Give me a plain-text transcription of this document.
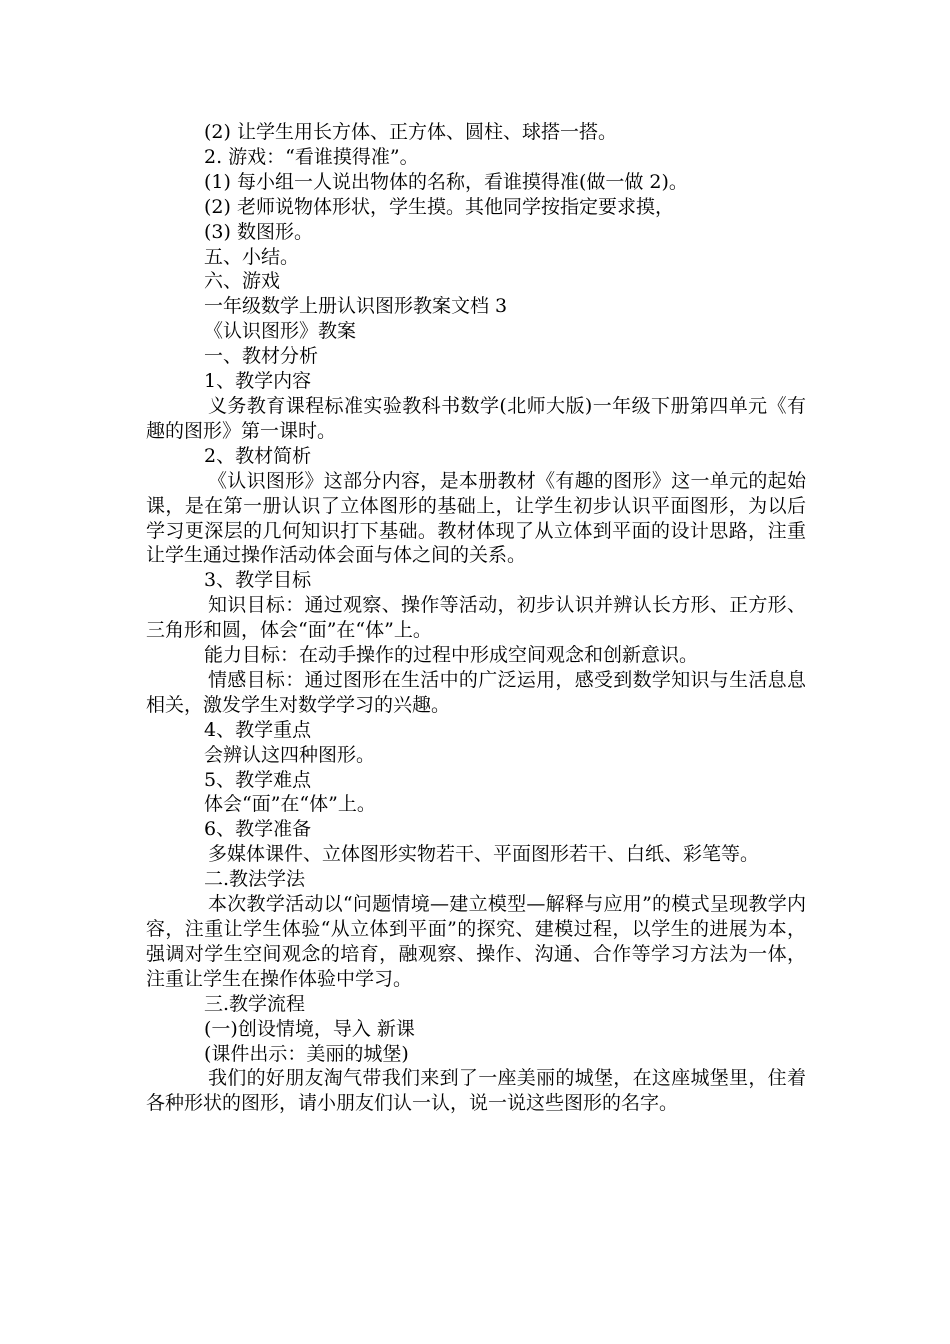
(2) 让学生用长方体、正方体、圆柱、球搭一搭。

2. 游戏：“看谁摸得准”。

(1) 每小组一人说出物体的名称，看谁摸得准(做一做 2)。

(2) 老师说物体形状，学生摸。其他同学按指定要求摸，

(3) 数图形。

五、小结。

六、游戏

一年级数学上册认识图形教案文档 3

《认识图形》教案

一、教材分析

1、教学内容

义务教育课程标准实验教科书数学(北师大版)一年级下册第四单元《有趣的图形》第一课时。

2、教材简析

《认识图形》这部分内容，是本册教材《有趣的图形》这一单元的起始课，是在第一册认识了立体图形的基础上，让学生初步认识平面图形，为以后学习更深层的几何知识打下基础。教材体现了从立体到平面的设计思路，注重让学生通过操作活动体会面与体之间的关系。

3、教学目标

知识目标：通过观察、操作等活动，初步认识并辨认长方形、正方形、三角形和圆，体会“面”在“体”上。

能力目标：在动手操作的过程中形成空间观念和创新意识。

情感目标：通过图形在生活中的广泛运用，感受到数学知识与生活息息相关，激发学生对数学学习的兴趣。

4、教学重点

会辨认这四种图形。

5、教学难点

体会“面”在“体”上。

6、教学准备

多媒体课件、立体图形实物若干、平面图形若干、白纸、彩笔等。

二.教法学法

本次教学活动以“问题情境—建立模型—解释与应用”的模式呈现教学内容，注重让学生体验“从立体到平面”的探究、建模过程，以学生的进展为本，强调对学生空间观念的培育，融观察、操作、沟通、合作等学习方法为一体，注重让学生在操作体验中学习。

三.教学流程

(一)创设情境，导入 新课

(课件出示：美丽的城堡)

我们的好朋友淘气带我们来到了一座美丽的城堡，在这座城堡里，住着各种形状的图形，请小朋友们认一认，说一说这些图形的名字。
